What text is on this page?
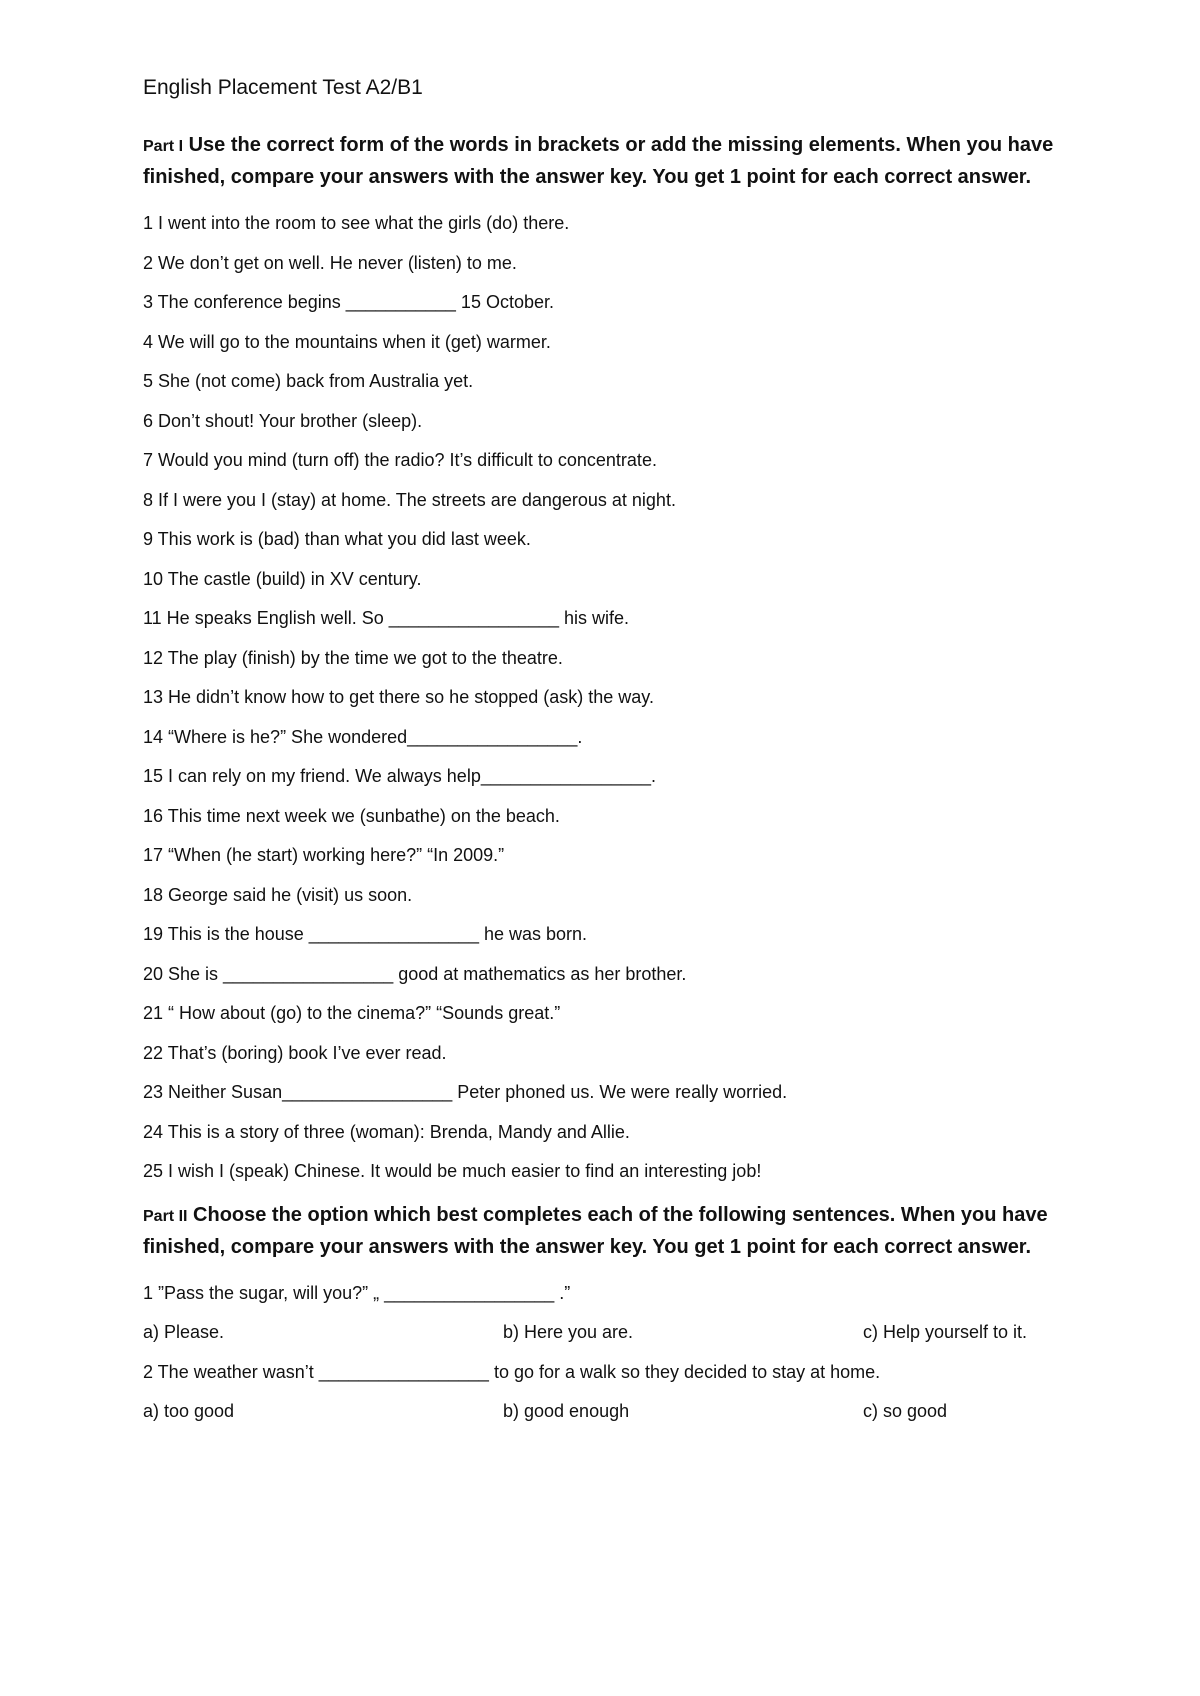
English Placement Test A2/B1
Part I Use the correct form of the words in brackets or add the missing elements. When you have finished, compare your answers with the answer key. You get 1 point for each correct answer.
1 I went into the room to see what the girls (do) there.
2 We don’t get on well. He never (listen) to me.
3 The conference begins ___________ 15 October.
4 We will go to the mountains when it (get) warmer.
5 She (not come) back from Australia yet.
6 Don’t shout! Your brother (sleep).
7 Would you mind (turn off) the radio? It’s difficult to concentrate.
8 If I were you I (stay) at home. The streets are dangerous at night.
9 This work is (bad) than what you did last week.
10 The castle (build) in XV century.
11 He speaks English well. So _________________ his wife.
12 The play (finish) by the time we got to the theatre.
13 He didn’t know how to get there so he stopped (ask) the way.
14 “Where is he?” She wondered_________________.
15 I can rely on my friend. We always help_________________.
16 This time next week we (sunbathe) on the beach.
17 “When (he start) working here?” “In 2009.”
18 George said he (visit) us soon.
19 This is the house _________________ he was born.
20 She is _________________ good at mathematics as her brother.
21 “ How about (go) to the cinema?” “Sounds great.”
22 That’s (boring) book I’ve ever read.
23 Neither Susan_________________ Peter phoned us. We were really worried.
24 This is a story of three (woman): Brenda, Mandy and Allie.
25 I wish I (speak) Chinese. It would be much easier to find an interesting job!
Part II Choose the option which best completes each of the following sentences. When you have finished, compare your answers with the answer key. You get 1 point for each correct answer.
1 ”Pass the sugar, will you?” „ _________________ .”
a) Please.	b) Here you are.	c) Help yourself to it.
2 The weather wasn’t _________________ to go for a walk so they decided to stay at home.
a) too good	b) good enough	c) so good
